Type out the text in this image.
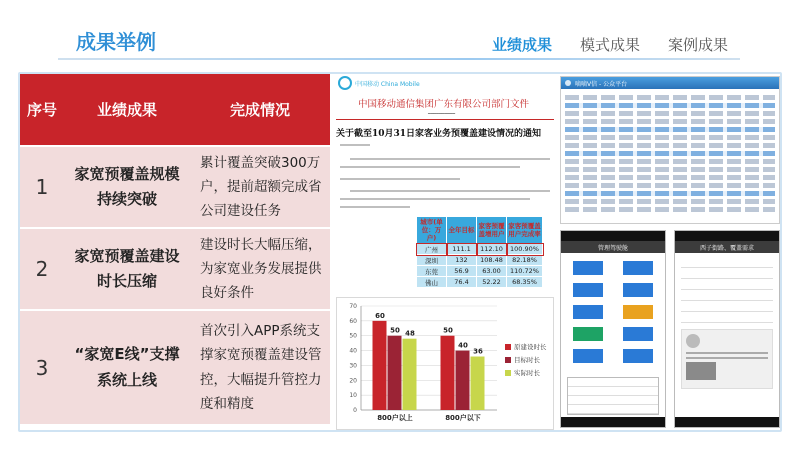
成果举例	业绩成果 模式成果 案例成果
序号	业绩成果	完成情况
1	家宽预覆盖规模持续突破	累计覆盖突破300万户，提前超额完成省公司建设任务
2	家宽预覆盖建设时长压缩	建设时长大幅压缩，为家宽业务发展提供良好条件
3	“家宽E线”支撑系统上线	首次引入APP系统支撑家宽预覆盖建设管控，大幅提升管控力度和精度
中国移动 China Mobile
中国移动通信集团广东有限公司部门文件
━━━━━━━━━━
关于截至10月31日家客业务预覆盖建设情况的通知
城市(单位：万户)	全年目标	家客预覆盖增用户	家客预覆盖用户完成率
广州	111.1	112.10	100.90%
深圳	132	108.48	82.18%
东莞	56.9	63.00	110.72%
佛山	76.4	52.22	68.35%
0
10
20
30
40
50
60
70
60
50 48
800户以上
50
40
36
800户以下
原建设时长
目标时长
实际时长
嘀嘀V信 - 公众平台
管理驾驶舱	西子街路、覆盖需求
